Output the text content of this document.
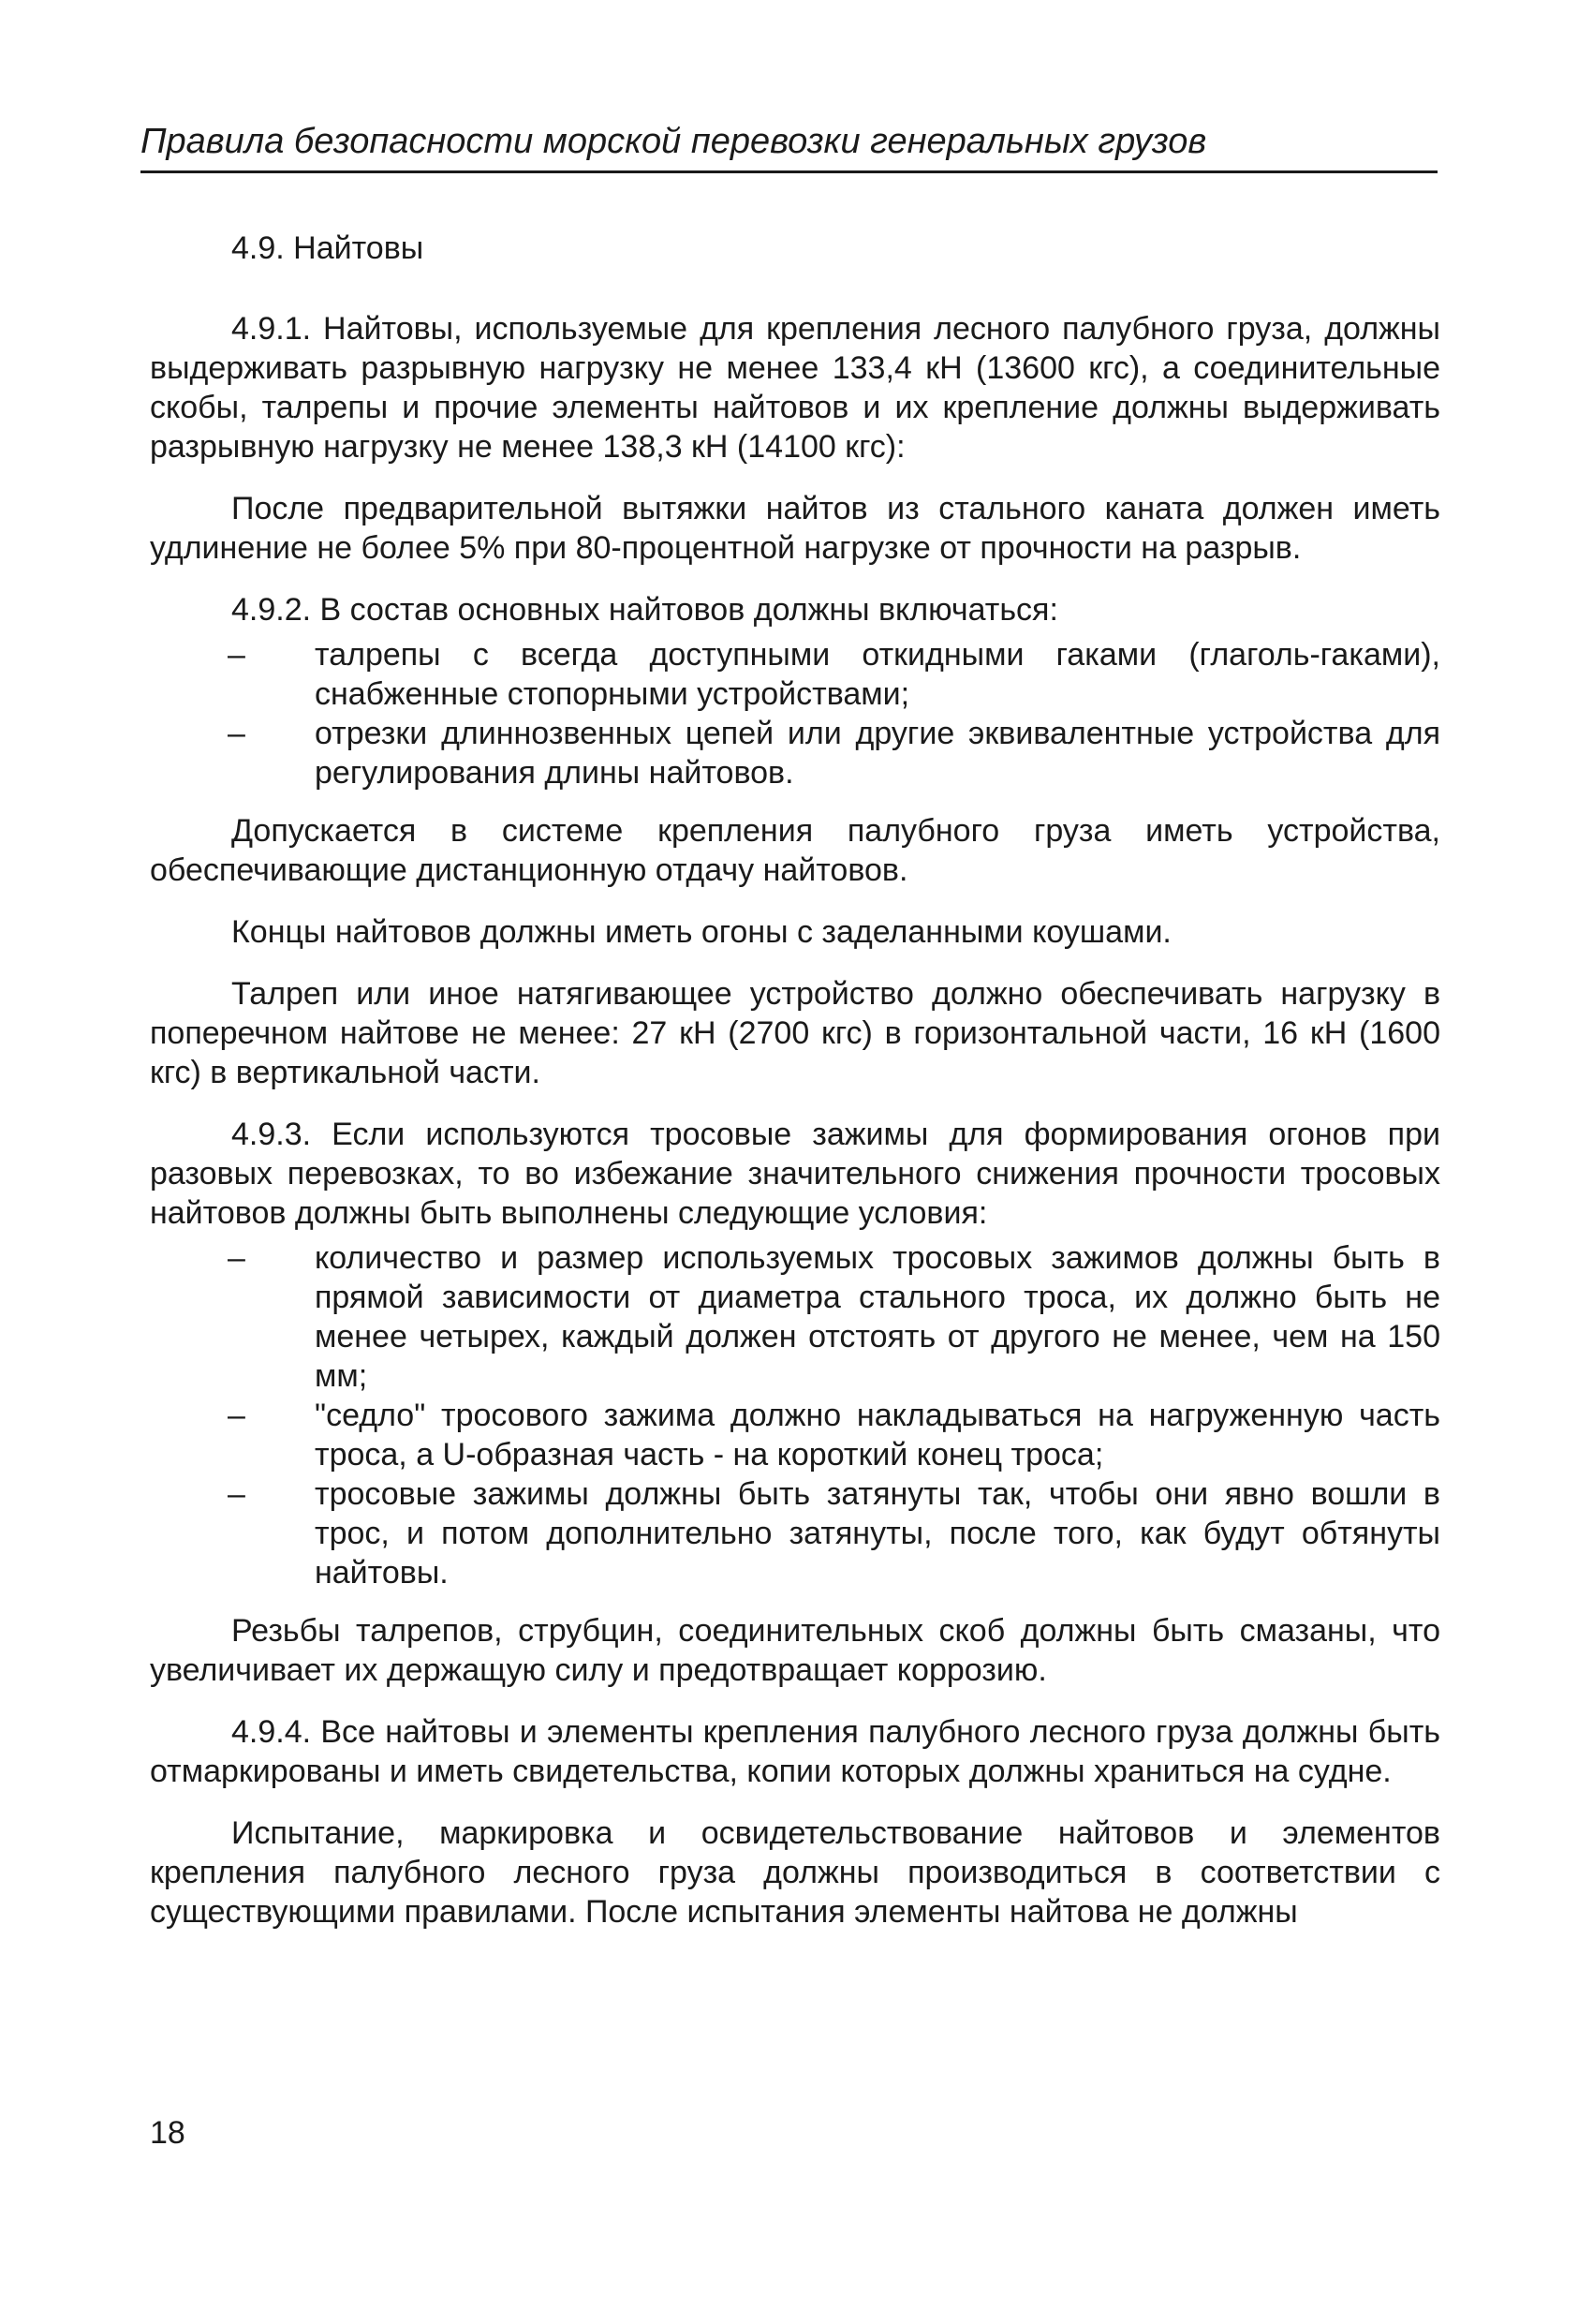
Правила безопасности морской перевозки генеральных грузов
4.9. Найтовы

4.9.1. Найтовы, используемые для крепления лесного палубного груза, должны выдерживать разрывную нагрузку не менее 133,4 кН (13600 кгс), а соединительные скобы, талрепы и прочие элементы найтовов и их крепление должны выдерживать разрывную нагрузку не менее 138,3 кН (14100 кгс):

После предварительной вытяжки найтов из стального каната должен иметь удлинение не более 5% при 80-процентной нагрузке от прочности на разрыв.

4.9.2. В состав основных найтовов должны включаться:

– талрепы с всегда доступными откидными гаками (глаголь-гаками), снабженные стопорными устройствами;
– отрезки длиннозвенных цепей или другие эквивалентные устройства для регулирования длины найтовов.

Допускается в системе крепления палубного груза иметь устройства, обеспечивающие дистанционную отдачу найтовов.

Концы найтовов должны иметь огоны с заделанными коушами.

Талреп или иное натягивающее устройство должно обеспечивать нагрузку в поперечном найтове не менее: 27 кН (2700 кгс) в горизонтальной части, 16 кН (1600 кгс) в вертикальной части.

4.9.3. Если используются тросовые зажимы для формирования огонов при разовых перевозках, то во избежание значительного снижения прочности тросовых найтовов должны быть выполнены следующие условия:

– количество и размер используемых тросовых зажимов должны быть в прямой зависимости от диаметра стального троса, их должно быть не менее четырех, каждый должен отстоять от другого не менее, чем на 150 мм;
– "седло" тросового зажима должно накладываться на нагруженную часть троса, а U-образная часть - на короткий конец троса;
– тросовые зажимы должны быть затянуты так, чтобы они явно вошли в трос, и потом дополнительно затянуты, после того, как будут обтянуты найтовы.

Резьбы талрепов, струбцин, соединительных скоб должны быть смазаны, что увеличивает их держащую силу и предотвращает коррозию.

4.9.4. Все найтовы и элементы крепления палубного лесного груза должны быть отмаркированы и иметь свидетельства, копии которых должны храниться на судне.

Испытание, маркировка и освидетельствование найтовов и элементов крепления палубного лесного груза должны производиться в соответствии с существующими правилами. После испытания элементы найтова не должны

18
